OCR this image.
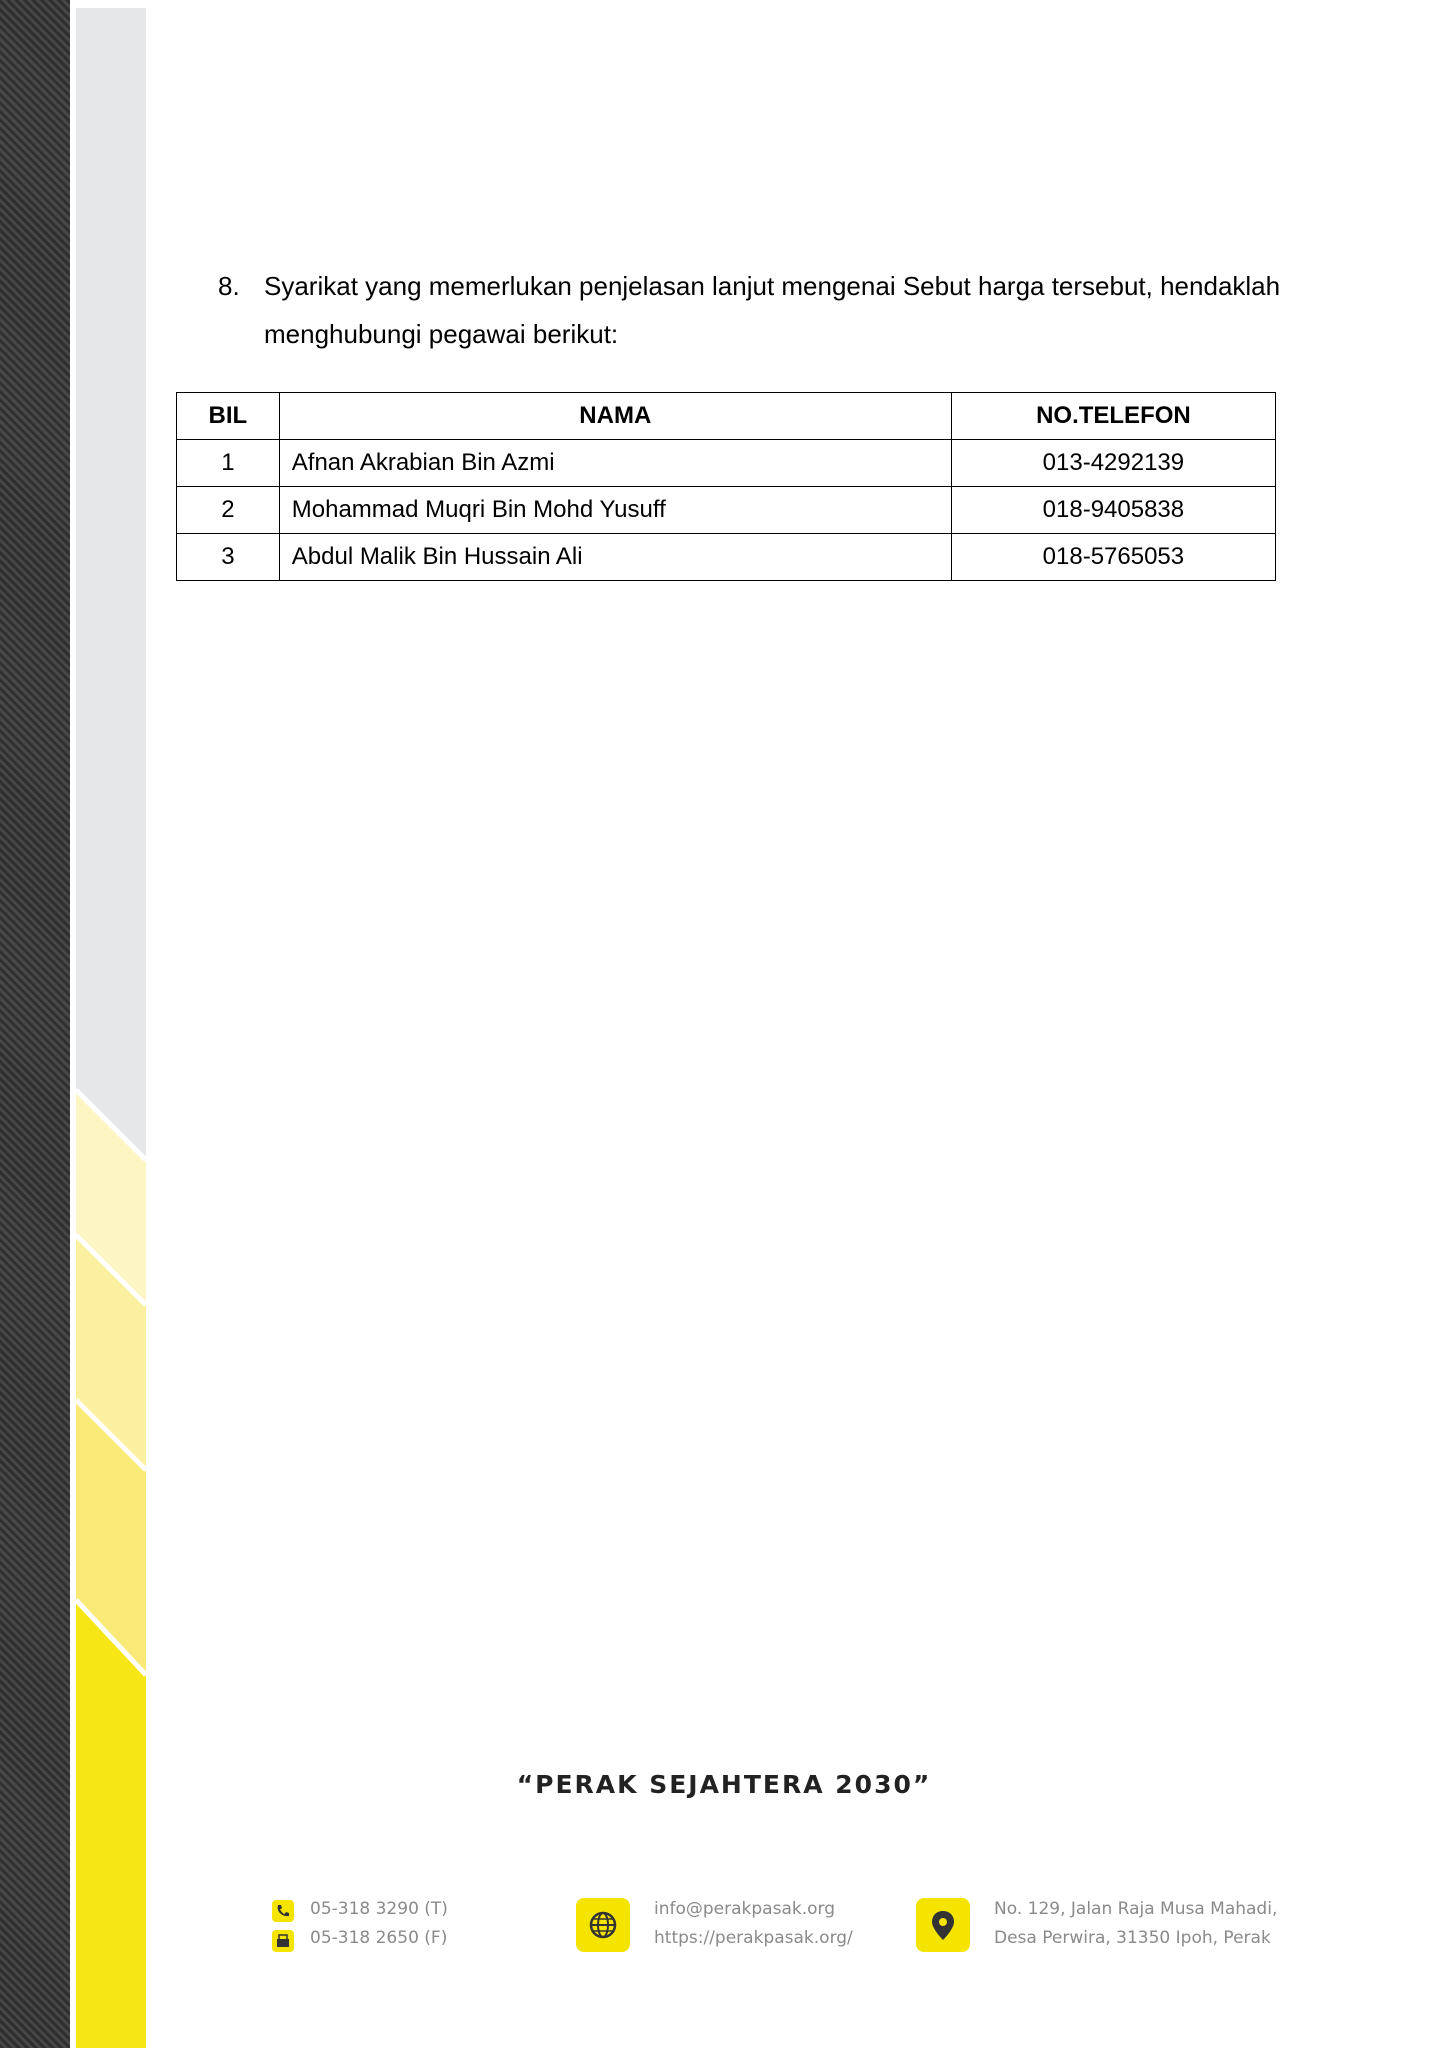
8. Syarikat yang memerlukan penjelasan lanjut mengenai Sebut harga tersebut, hendaklah menghubungi pegawai berikut:
BIL	NAMA	NO.TELEFON
1	Afnan Akrabian Bin Azmi	013-4292139
2	Mohammad Muqri Bin Mohd Yusuff	018-9405838
3	Abdul Malik Bin Hussain Ali	018-5765053
“PERAK SEJAHTERA 2030”
05-318 3290 (T)
05-318 2650 (F)
info@perakpasak.org
https://perakpasak.org/
No. 129, Jalan Raja Musa Mahadi,
Desa Perwira, 31350 Ipoh, Perak
